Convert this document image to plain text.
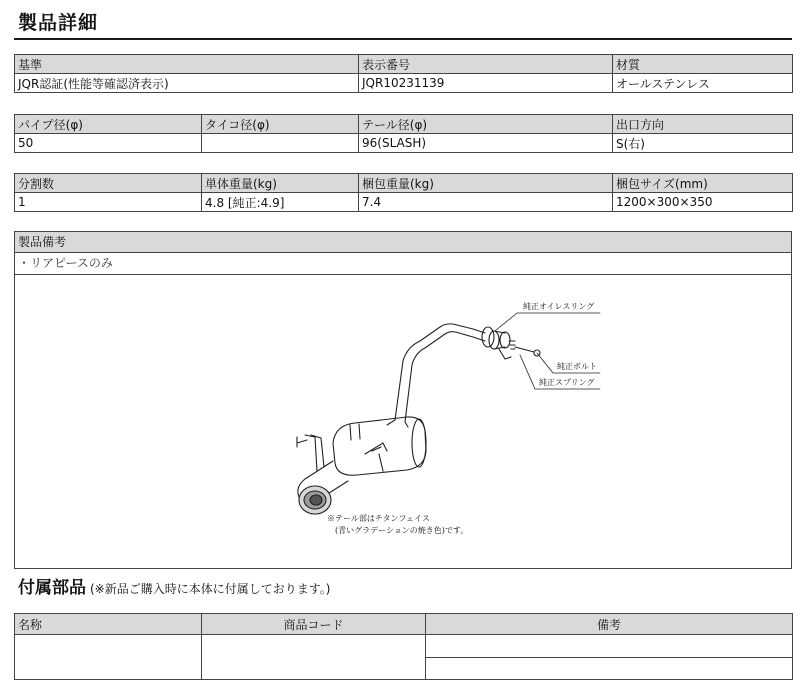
製品詳細
基準	表示番号	材質
JQR認証(性能等確認済表示)	JQR10231139	オールステンレス
パイプ径(φ)	タイコ径(φ)	テール径(φ)	出口方向
50		96(SLASH)	S(右)
分割数	単体重量(kg)	梱包重量(kg)	梱包サイズ(mm)
1	4.8 [純正:4.9]	7.4	1200×300×350
製品備考
・リアピースのみ
純正オイレスリング
純正ボルト
純正スプリング
※テール部はチタンフェイス
(青いグラデーションの焼き色)です。
付属部品 (※新品ご購入時に本体に付属しております。)
名称	商品コード	備考
